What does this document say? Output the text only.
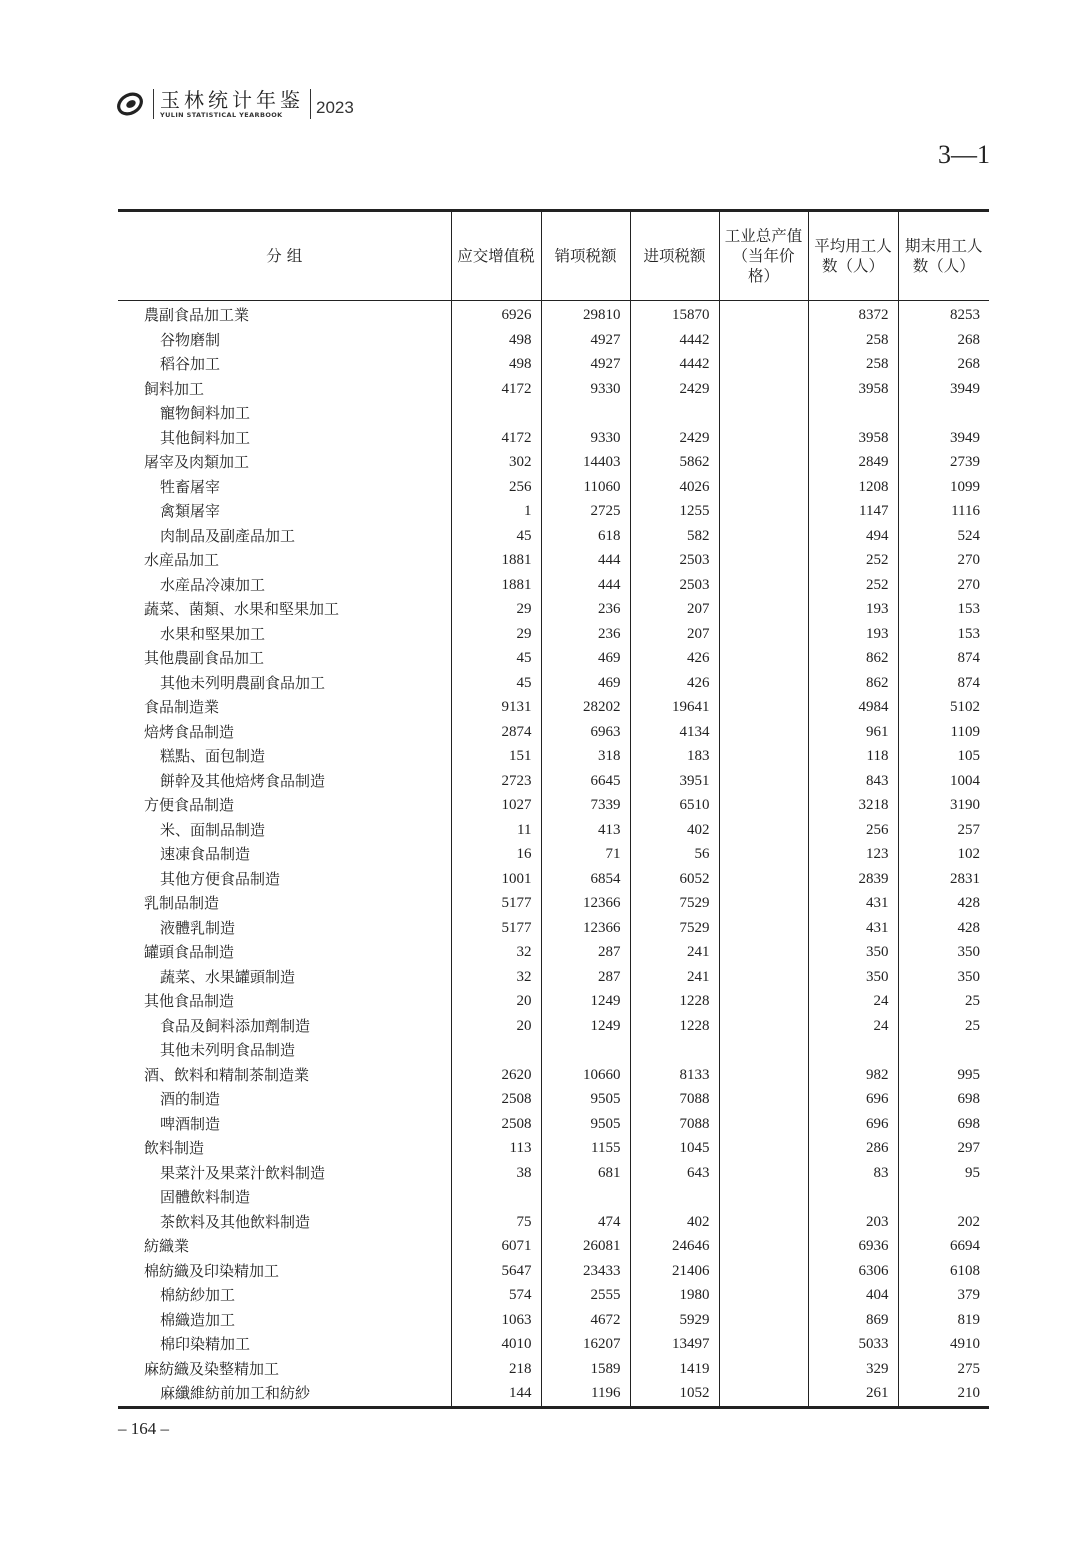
玉林统计年鉴
YULIN STATISTICAL YEARBOOK	2023
3—1
分 组	应交增值税	销项税额	进项税额	工业总产值（当年价格）	平均用工人数（人）	期末用工人数（人）
農副食品加工業	6926	29810	15870		8372	8253
谷物磨制	498	4927	4442		258	268
稻谷加工	498	4927	4442		258	268
飼料加工	4172	9330	2429		3958	3949
寵物飼料加工						
其他飼料加工	4172	9330	2429		3958	3949
屠宰及肉類加工	302	14403	5862		2849	2739
牲畜屠宰	256	11060	4026		1208	1099
禽類屠宰	1	2725	1255		1147	1116
肉制品及副產品加工	45	618	582		494	524
水産品加工	1881	444	2503		252	270
水産品冷凍加工	1881	444	2503		252	270
蔬菜、菌類、水果和堅果加工	29	236	207		193	153
水果和堅果加工	29	236	207		193	153
其他農副食品加工	45	469	426		862	874
其他未列明農副食品加工	45	469	426		862	874
食品制造業	9131	28202	19641		4984	5102
焙烤食品制造	2874	6963	4134		961	1109
糕點、面包制造	151	318	183		118	105
餅幹及其他焙烤食品制造	2723	6645	3951		843	1004
方便食品制造	1027	7339	6510		3218	3190
米、面制品制造	11	413	402		256	257
速凍食品制造	16	71	56		123	102
其他方便食品制造	1001	6854	6052		2839	2831
乳制品制造	5177	12366	7529		431	428
液體乳制造	5177	12366	7529		431	428
罐頭食品制造	32	287	241		350	350
蔬菜、水果罐頭制造	32	287	241		350	350
其他食品制造	20	1249	1228		24	25
食品及飼料添加劑制造	20	1249	1228		24	25
其他未列明食品制造						
酒、飲料和精制茶制造業	2620	10660	8133		982	995
酒的制造	2508	9505	7088		696	698
啤酒制造	2508	9505	7088		696	698
飲料制造	113	1155	1045		286	297
果菜汁及果菜汁飲料制造	38	681	643		83	95
固體飲料制造						
茶飲料及其他飲料制造	75	474	402		203	202
紡織業	6071	26081	24646		6936	6694
棉紡織及印染精加工	5647	23433	21406		6306	6108
棉紡紗加工	574	2555	1980		404	379
棉織造加工	1063	4672	5929		869	819
棉印染精加工	4010	16207	13497		5033	4910
麻紡織及染整精加工	218	1589	1419		329	275
麻纖維紡前加工和紡紗	144	1196	1052		261	210
– 164 –
